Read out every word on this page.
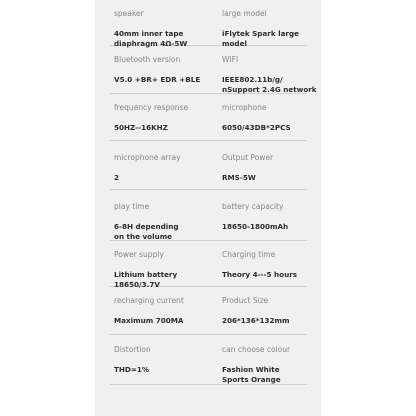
speaker
40mm inner tape
diaphragm 4Ω-5W
large model
iFlytek Spark large model
Bluetooth version
V5.0 +BR+ EDR +BLE
WIFI
IEEE802.11b/g/
nSupport 2.4G network
frequency response
50HZ--16KHZ
microphone
6050/43DB*2PCS
microphone array
2
Output Power
RMS-5W
play time
6-8H depending
on the volume
battery capacity
18650-1800mAh
Power supply
Lithium battery 18650/3.7V
Charging time
Theory 4---5 hours
recharging current
Maximum 700MA
Product Size
206*136*132mm
Distortion
THD=1%
can choose colour
Fashion White
Sports Orange
